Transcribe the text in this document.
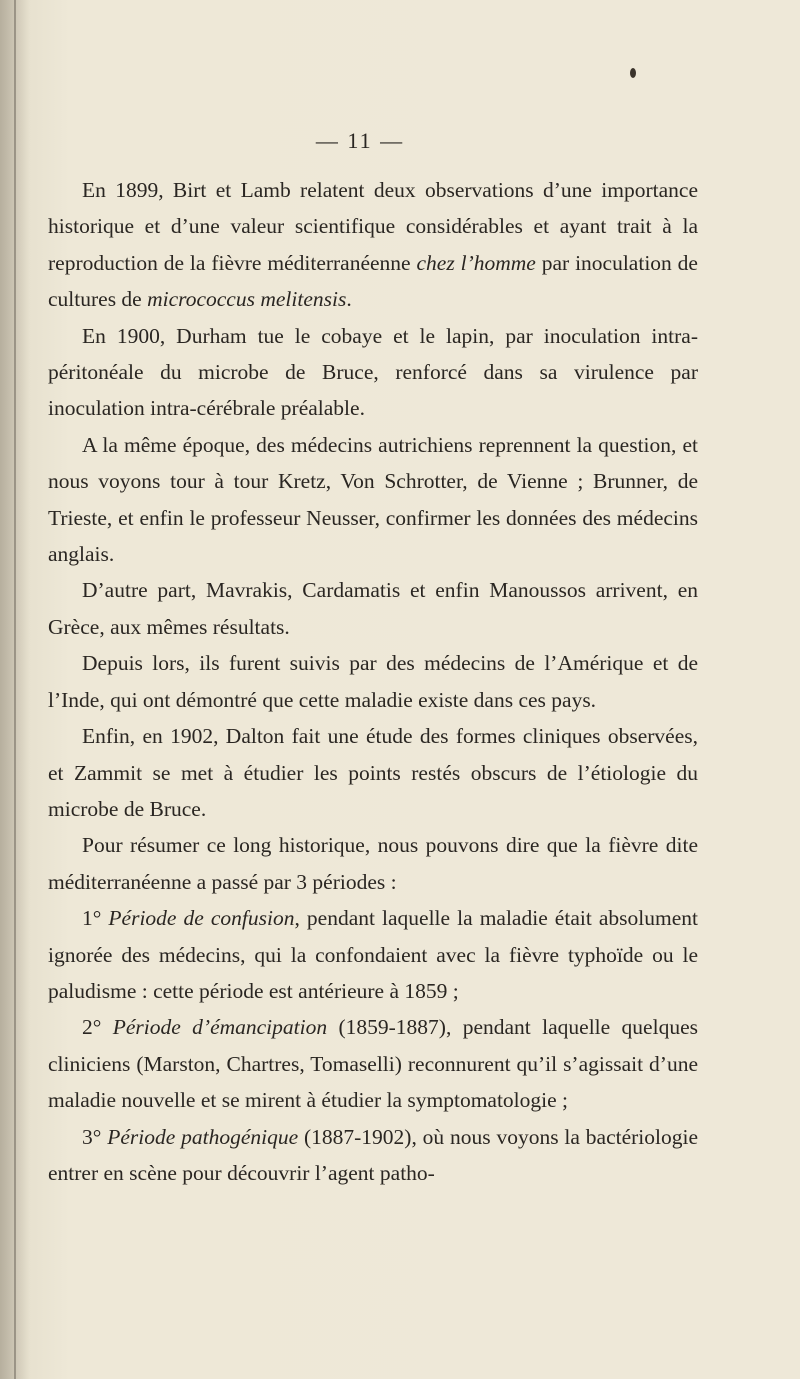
— 11 —

En 1899, Birt et Lamb relatent deux observations d’une importance historique et d’une valeur scientifique considérables et ayant trait à la reproduction de la fièvre méditerranéenne chez l’homme par inoculation de cultures de micrococcus melitensis.

En 1900, Durham tue le cobaye et le lapin, par inoculation intra-péritonéale du microbe de Bruce, renforcé dans sa virulence par inoculation intra-cérébrale préalable.

A la même époque, des médecins autrichiens reprennent la question, et nous voyons tour à tour Kretz, Von Schrotter, de Vienne ; Brunner, de Trieste, et enfin le professeur Neusser, confirmer les données des médecins anglais.

D’autre part, Mavrakis, Cardamatis et enfin Manoussos arrivent, en Grèce, aux mêmes résultats.

Depuis lors, ils furent suivis par des médecins de l’Amérique et de l’Inde, qui ont démontré que cette maladie existe dans ces pays.

Enfin, en 1902, Dalton fait une étude des formes cliniques observées, et Zammit se met à étudier les points restés obscurs de l’étiologie du microbe de Bruce.

Pour résumer ce long historique, nous pouvons dire que la fièvre dite méditerranéenne a passé par 3 périodes :

1° Période de confusion, pendant laquelle la maladie était absolument ignorée des médecins, qui la confondaient avec la fièvre typhoïde ou le paludisme : cette période est antérieure à 1859 ;

2° Période d’émancipation (1859-1887), pendant laquelle quelques cliniciens (Marston, Chartres, Tomaselli) reconnurent qu’il s’agissait d’une maladie nouvelle et se mirent à étudier la symptomatologie ;

3° Période pathogénique (1887-1902), où nous voyons la bactériologie entrer en scène pour découvrir l’agent patho-
